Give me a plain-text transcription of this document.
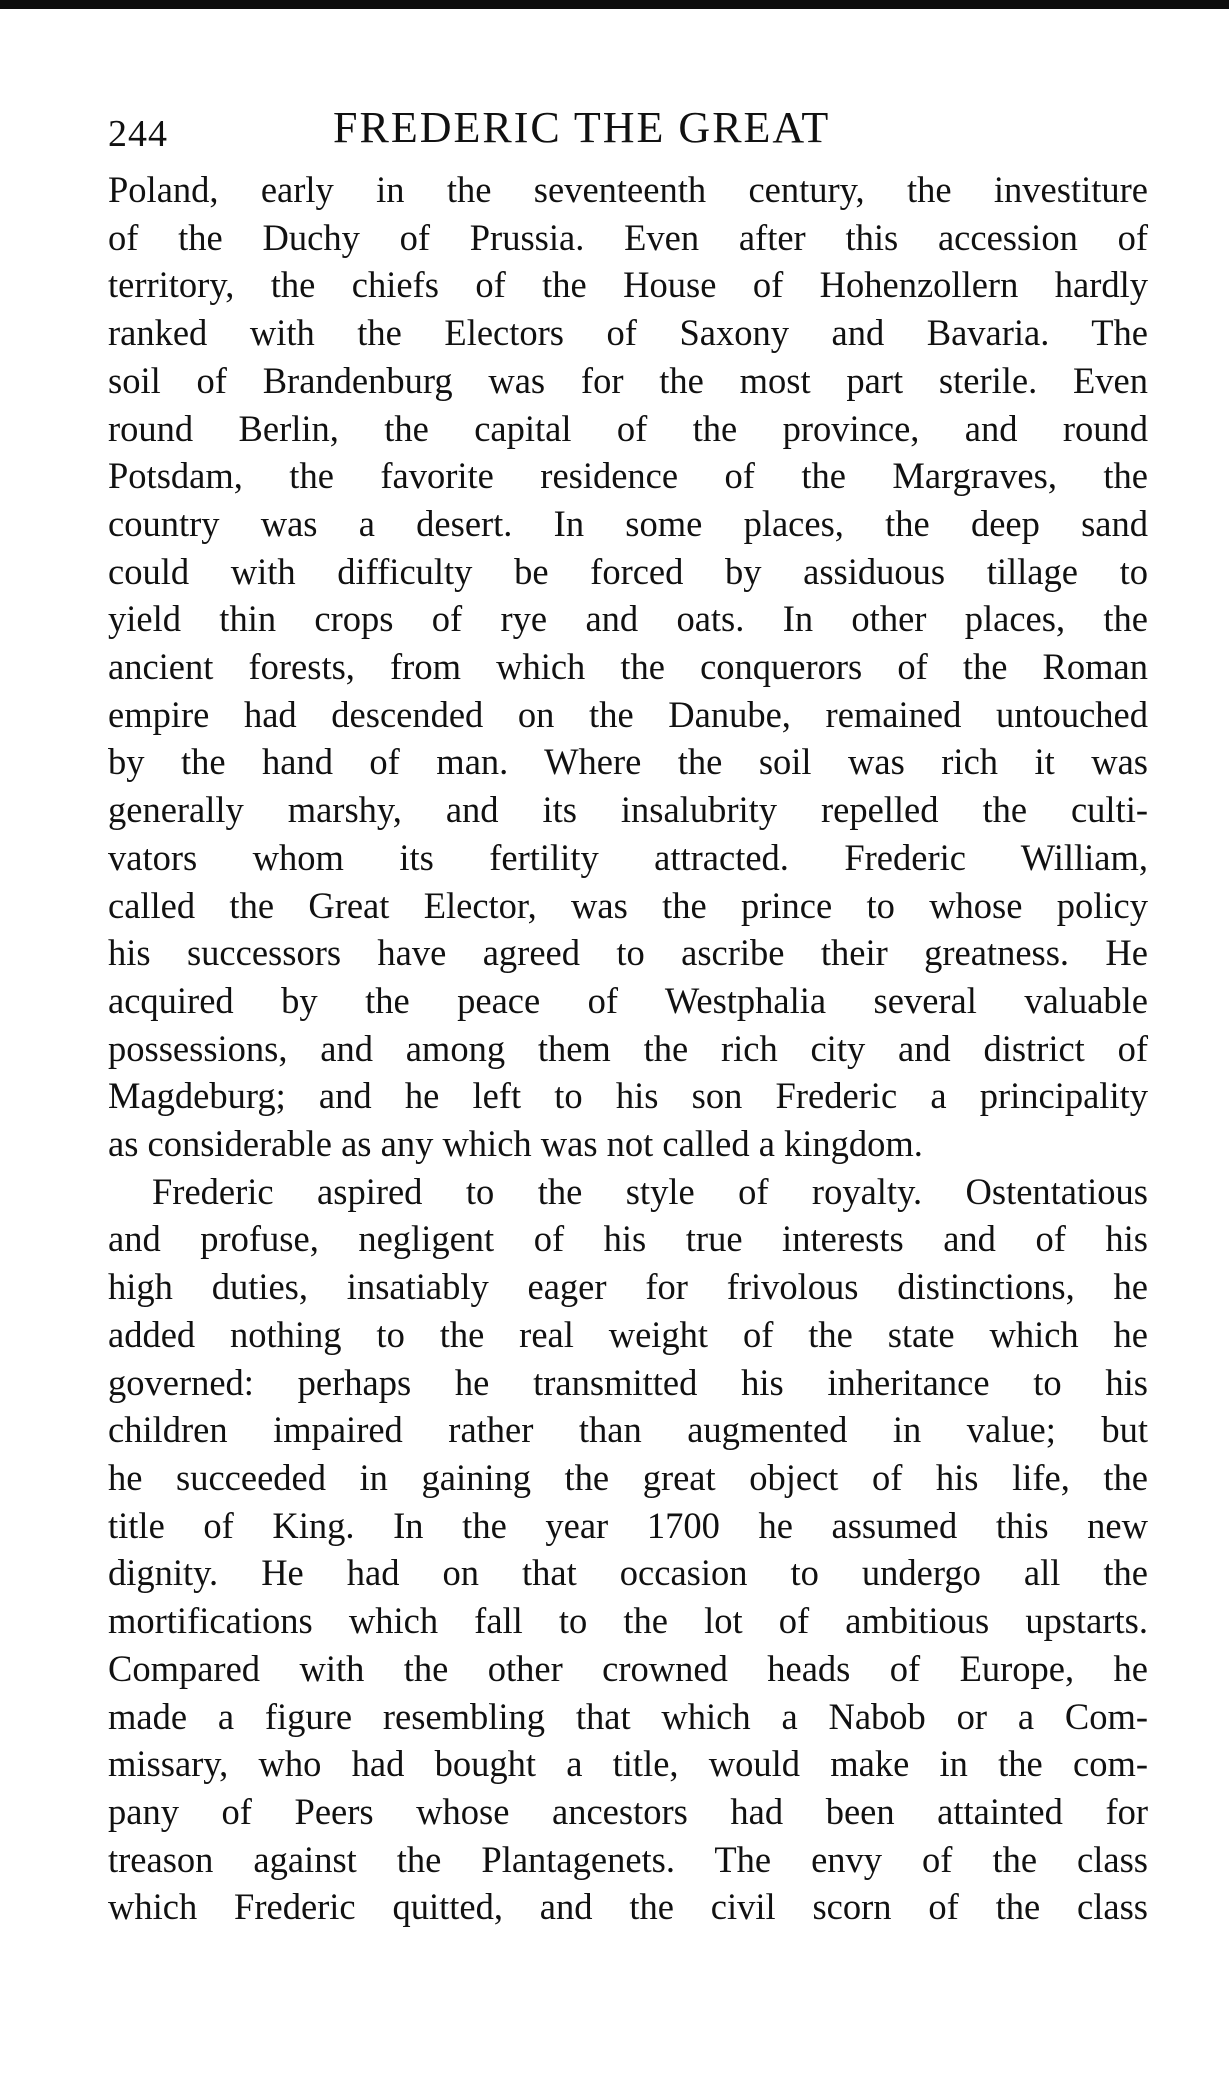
244	FREDERIC THE GREAT
Poland, early in the seventeenth century, the investiture
of the Duchy of Prussia. Even after this accession of
territory, the chiefs of the House of Hohenzollern hardly
ranked with the Electors of Saxony and Bavaria. The
soil of Brandenburg was for the most part sterile. Even
round Berlin, the capital of the province, and round
Potsdam, the favorite residence of the Margraves, the
country was a desert. In some places, the deep sand
could with difficulty be forced by assiduous tillage to
yield thin crops of rye and oats. In other places, the
ancient forests, from which the conquerors of the Roman
empire had descended on the Danube, remained untouched
by the hand of man. Where the soil was rich it was
generally marshy, and its insalubrity repelled the culti-
vators whom its fertility attracted. Frederic William,
called the Great Elector, was the prince to whose policy
his successors have agreed to ascribe their greatness. He
acquired by the peace of Westphalia several valuable
possessions, and among them the rich city and district of
Magdeburg; and he left to his son Frederic a principality
as considerable as any which was not called a kingdom.
Frederic aspired to the style of royalty. Ostentatious
and profuse, negligent of his true interests and of his
high duties, insatiably eager for frivolous distinctions, he
added nothing to the real weight of the state which he
governed: perhaps he transmitted his inheritance to his
children impaired rather than augmented in value; but
he succeeded in gaining the great object of his life, the
title of King. In the year 1700 he assumed this new
dignity. He had on that occasion to undergo all the
mortifications which fall to the lot of ambitious upstarts.
Compared with the other crowned heads of Europe, he
made a figure resembling that which a Nabob or a Com-
missary, who had bought a title, would make in the com-
pany of Peers whose ancestors had been attainted for
treason against the Plantagenets. The envy of the class
which Frederic quitted, and the civil scorn of the class
